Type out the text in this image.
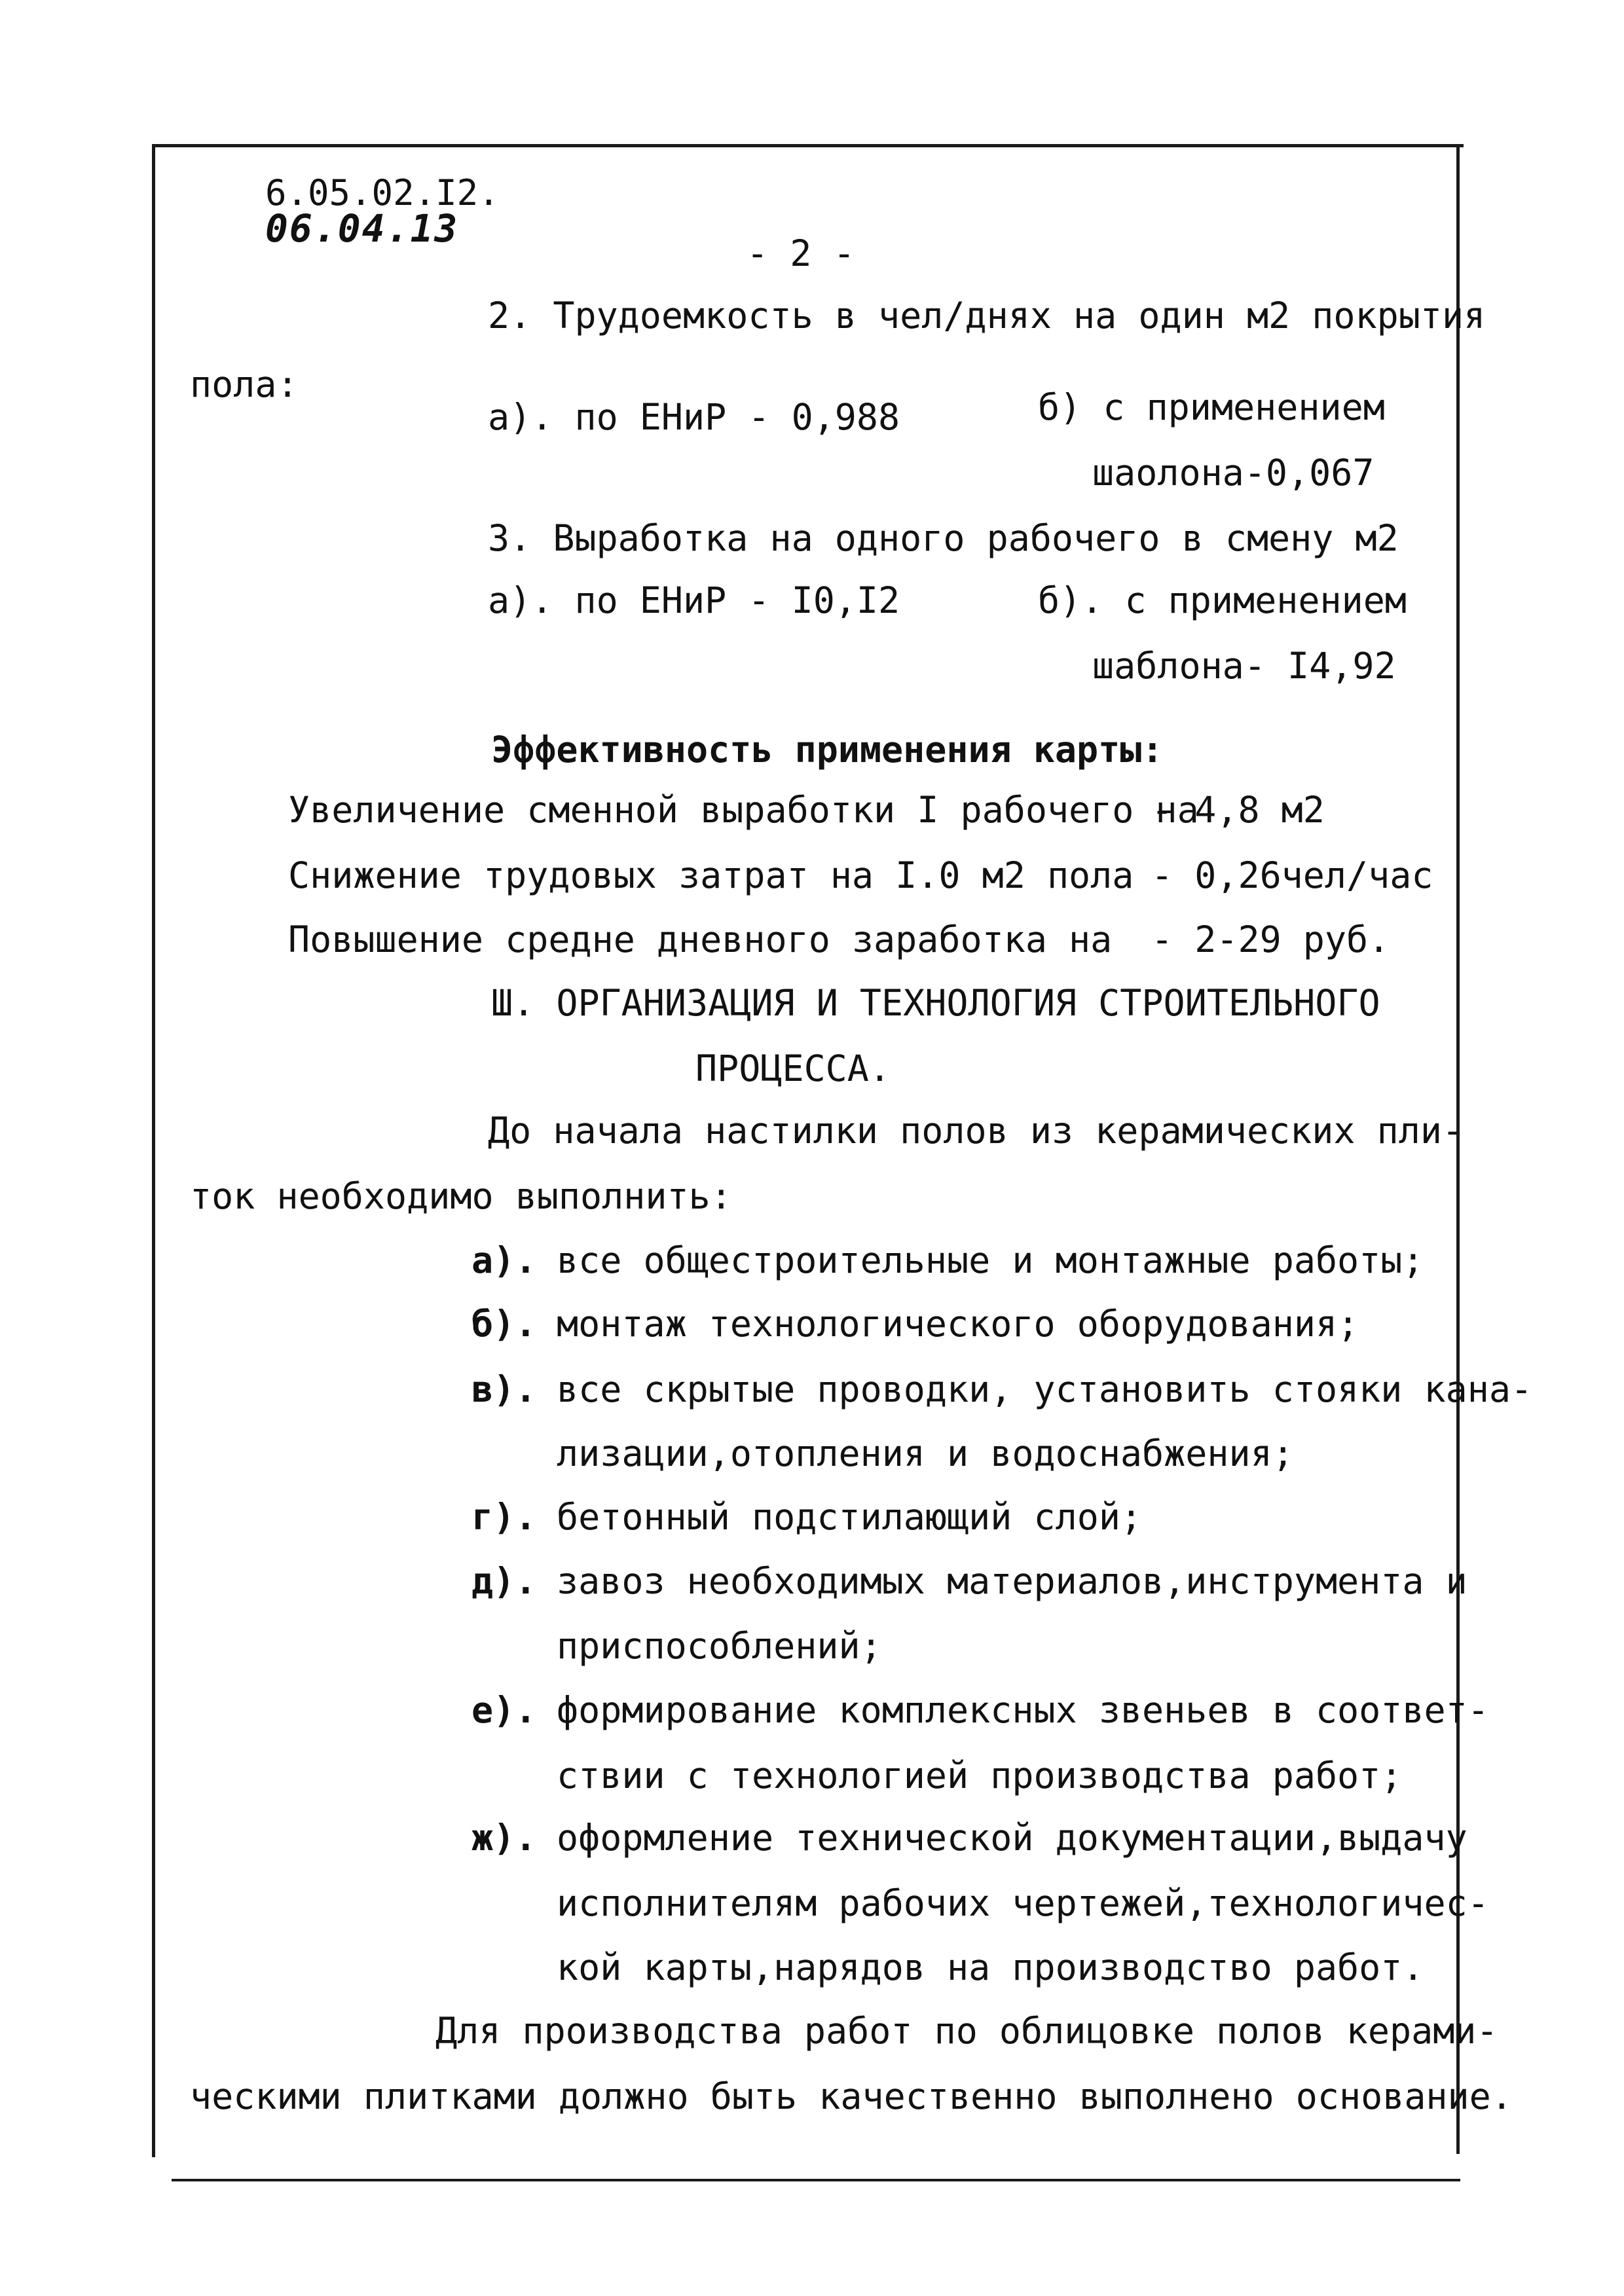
6.05.02.I2.
06.04.13
- 2 -
2. Трудоемкость в чел/днях на один м2 покрытия
пола:
а). по ЕНиР - 0,988	б) с применением
шаолона-0,067
3. Выработка на одного рабочего в смену м2
а). по ЕНиР - I0,I2	б). с применением
шаблона- I4,92
Эффективность применения карты:
Увеличение сменной выработки I рабочего на
- 4,8 м2
Снижение трудовых затрат на I.0 м2 пола - 0,26чел/час
Повышение средне дневного заработка на - 2-29 руб.
Ш. ОРГАНИЗАЦИЯ И ТЕХНОЛОГИЯ СТРОИТЕЛЬНОГО
ПРОЦЕССА.
До начала настилки полов из керамических пли-
ток необходимо выполнить:
а). все общестроительные и монтажные работы;
б). монтаж технологического оборудования;
в). все скрытые проводки, установить стояки кана-
лизации,отопления и водоснабжения;
г). бетонный подстилающий слой;
д). завоз необходимых материалов,инструмента и
приспособлений;
е). формирование комплексных звеньев в соответ-
ствии с технологией производства работ;
ж). оформление технической документации,выдачу
исполнителям рабочих чертежей,технологичес-
кой карты,нарядов на производство работ.
Для производства работ по облицовке полов керами-
ческими плитками должно быть качественно выполнено основание.
